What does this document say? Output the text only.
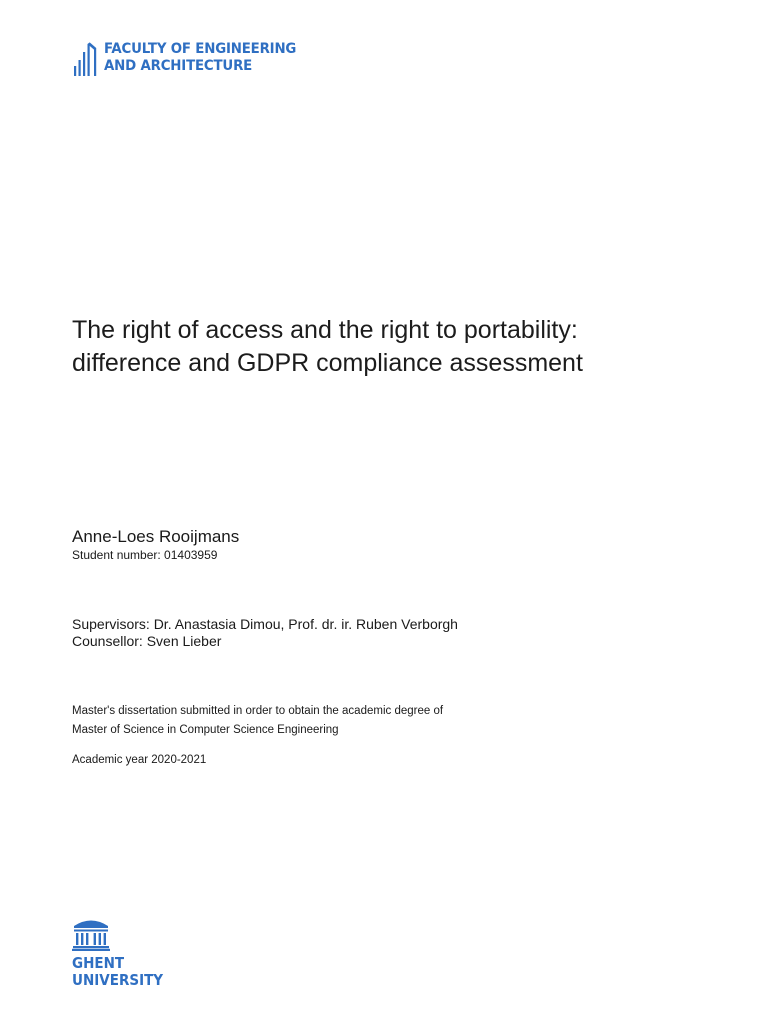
FACULTY OF ENGINEERING
AND ARCHITECTURE
The right of access and the right to portability:
difference and GDPR compliance assessment
Anne-Loes Rooijmans
Student number: 01403959
Supervisors: Dr. Anastasia Dimou, Prof. dr. ir. Ruben Verborgh
Counsellor: Sven Lieber
Master's dissertation submitted in order to obtain the academic degree of
Master of Science in Computer Science Engineering
Academic year 2020-2021
GHENT
UNIVERSITY
